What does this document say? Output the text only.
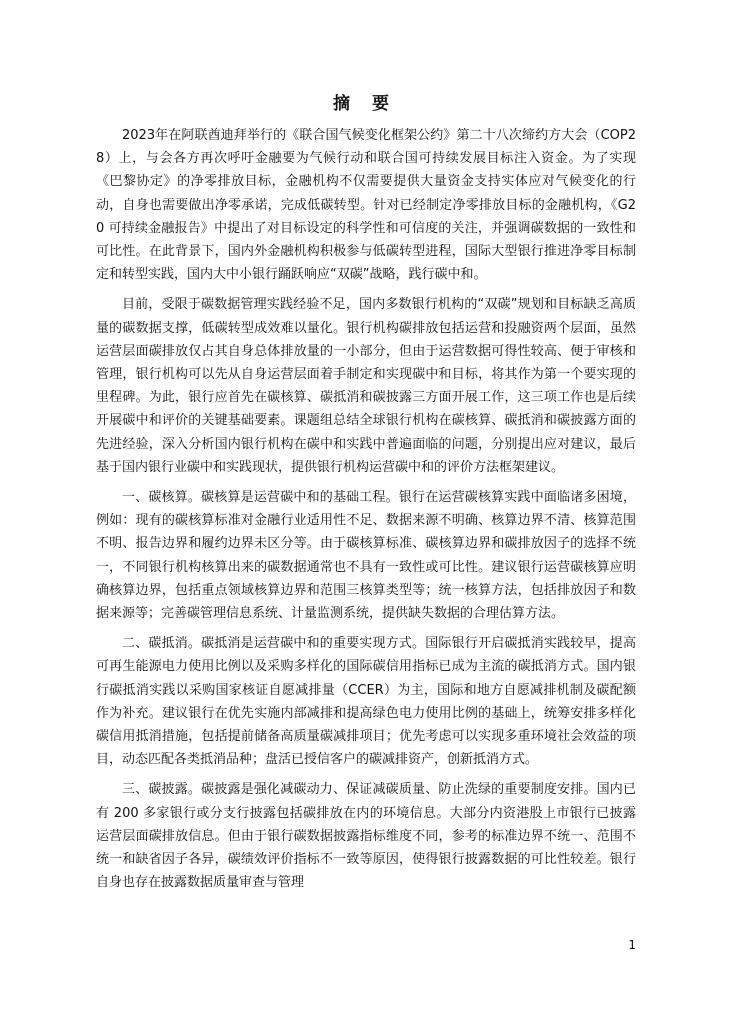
摘 要

2023年在阿联酋迪拜举行的《联合国气候变化框架公约》第二十八次缔约方大会（COP28）上，与会各方再次呼吁金融要为气候行动和联合国可持续发展目标注入资金。为了实现《巴黎协定》的净零排放目标，金融机构不仅需要提供大量资金支持实体应对气候变化的行动，自身也需要做出净零承诺，完成低碳转型。针对已经制定净零排放目标的金融机构，《G20 可持续金融报告》中提出了对目标设定的科学性和可信度的关注，并强调碳数据的一致性和可比性。在此背景下，国内外金融机构积极参与低碳转型进程，国际大型银行推进净零目标制定和转型实践，国内大中小银行踊跃响应“双碳”战略，践行碳中和。

目前，受限于碳数据管理实践经验不足，国内多数银行机构的“双碳”规划和目标缺乏高质量的碳数据支撑，低碳转型成效难以量化。银行机构碳排放包括运营和投融资两个层面，虽然运营层面碳排放仅占其自身总体排放量的一小部分，但由于运营数据可得性较高、便于审核和管理，银行机构可以先从自身运营层面着手制定和实现碳中和目标，将其作为第一个要实现的里程碑。为此，银行应首先在碳核算、碳抵消和碳披露三方面开展工作，这三项工作也是后续开展碳中和评价的关键基础要素。课题组总结全球银行机构在碳核算、碳抵消和碳披露方面的先进经验，深入分析国内银行机构在碳中和实践中普遍面临的问题，分别提出应对建议，最后基于国内银行业碳中和实践现状，提供银行机构运营碳中和的评价方法框架建议。

一、碳核算。碳核算是运营碳中和的基础工程。银行在运营碳核算实践中面临诸多困境，例如：现有的碳核算标准对金融行业适用性不足、数据来源不明确、核算边界不清、核算范围不明、报告边界和履约边界未区分等。由于碳核算标准、碳核算边界和碳排放因子的选择不统一，不同银行机构核算出来的碳数据通常也不具有一致性或可比性。建议银行运营碳核算应明确核算边界，包括重点领域核算边界和范围三核算类型等；统一核算方法，包括排放因子和数据来源等；完善碳管理信息系统、计量监测系统，提供缺失数据的合理估算方法。

二、碳抵消。碳抵消是运营碳中和的重要实现方式。国际银行开启碳抵消实践较早，提高可再生能源电力使用比例以及采购多样化的国际碳信用指标已成为主流的碳抵消方式。国内银行碳抵消实践以采购国家核证自愿减排量（CCER）为主，国际和地方自愿减排机制及碳配额作为补充。建议银行在优先实施内部减排和提高绿色电力使用比例的基础上，统筹安排多样化碳信用抵消措施，包括提前储备高质量碳减排项目；优先考虑可以实现多重环境社会效益的项目，动态匹配各类抵消品种；盘活已授信客户的碳减排资产，创新抵消方式。

三、碳披露。碳披露是强化减碳动力、保证减碳质量、防止洗绿的重要制度安排。国内已有 200 多家银行或分支行披露包括碳排放在内的环境信息。大部分内资港股上市银行已披露运营层面碳排放信息。但由于银行碳数据披露指标维度不同，参考的标准边界不统一、范围不统一和缺省因子各异，碳绩效评价指标不一致等原因，使得银行披露数据的可比性较差。银行自身也存在披露数据质量审查与管理

1
